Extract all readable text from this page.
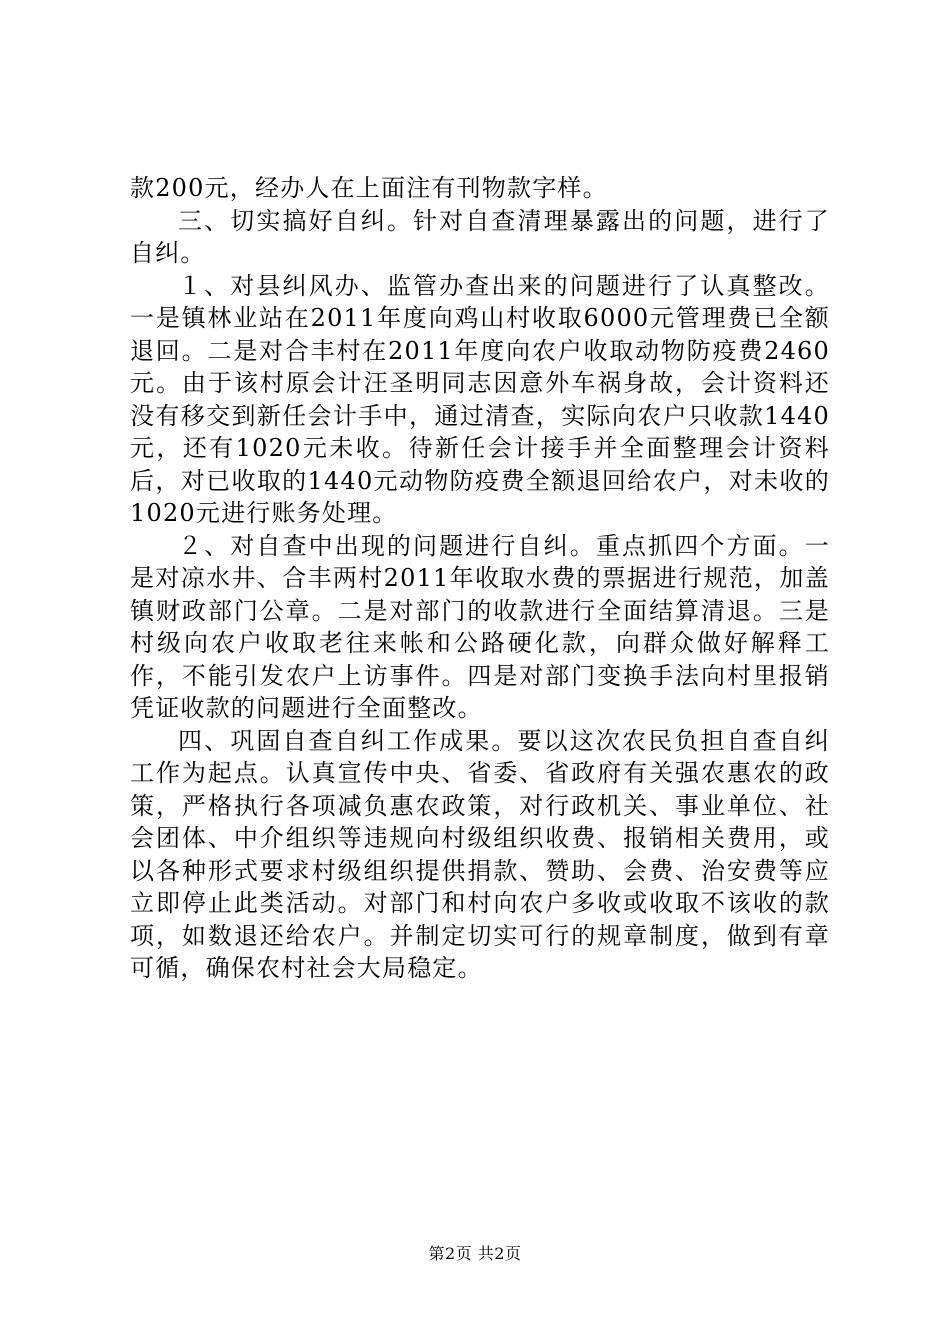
款200元，经办人在上面注有刊物款字样。

三、切实搞好自纠。针对自查清理暴露出的问题，进行了自纠。

１、对县纠风办、监管办查出来的问题进行了认真整改。一是镇林业站在2011年度向鸡山村收取6000元管理费已全额退回。二是对合丰村在2011年度向农户收取动物防疫费2460元。由于该村原会计汪圣明同志因意外车祸身故，会计资料还没有移交到新任会计手中，通过清查，实际向农户只收款1440元，还有1020元未收。待新任会计接手并全面整理会计资料后，对已收取的1440元动物防疫费全额退回给农户，对未收的1020元进行账务处理。

２、对自查中出现的问题进行自纠。重点抓四个方面。一是对凉水井、合丰两村2011年收取水费的票据进行规范，加盖镇财政部门公章。二是对部门的收款进行全面结算清退。三是村级向农户收取老往来帐和公路硬化款，向群众做好解释工作，不能引发农户上访事件。四是对部门变换手法向村里报销凭证收款的问题进行全面整改。

四、巩固自查自纠工作成果。要以这次农民负担自查自纠工作为起点。认真宣传中央、省委、省政府有关强农惠农的政策，严格执行各项减负惠农政策，对行政机关、事业单位、社会团体、中介组织等违规向村级组织收费、报销相关费用，或以各种形式要求村级组织提供捐款、赞助、会费、治安费等应立即停止此类活动。对部门和村向农户多收或收取不该收的款项，如数退还给农户。并制定切实可行的规章制度，做到有章可循，确保农村社会大局稳定。

第2页 共2页
